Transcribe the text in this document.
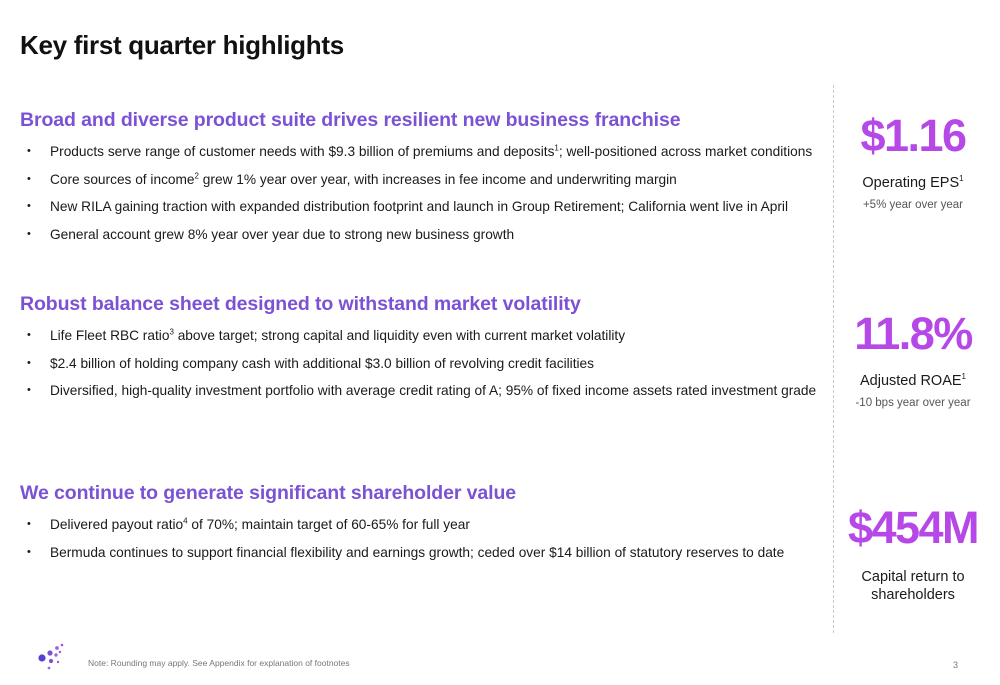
Key first quarter highlights
Broad and diverse product suite drives resilient new business franchise
• Products serve range of customer needs with $9.3 billion of premiums and deposits$^1$; well-positioned across market conditions
• Core sources of income$^2$ grew 1% year over year, with increases in fee income and underwriting margin
• New RILA gaining traction with expanded distribution footprint and launch in Group Retirement; California went live in April
• General account grew 8% year over year due to strong new business growth
Robust balance sheet designed to withstand market volatility
• Life Fleet RBC ratio$^3$ above target; strong capital and liquidity even with current market volatility
• $2.4 billion of holding company cash with additional $3.0 billion of revolving credit facilities
• Diversified, high-quality investment portfolio with average credit rating of A; 95% of fixed income assets rated investment grade
We continue to generate significant shareholder value
• Delivered payout ratio$^4$ of 70%; maintain target of 60-65% for full year
• Bermuda continues to support financial flexibility and earnings growth; ceded over $14 billion of statutory reserves to date
$1.16
Operating $EPS^1$
+5% year over year
11.8%
Adjusted ROAE$^1$
-10 bps year over year
$454M
Capital return to shareholders
Note: Rounding may apply. See Appendix for explanation of footnotes	3
